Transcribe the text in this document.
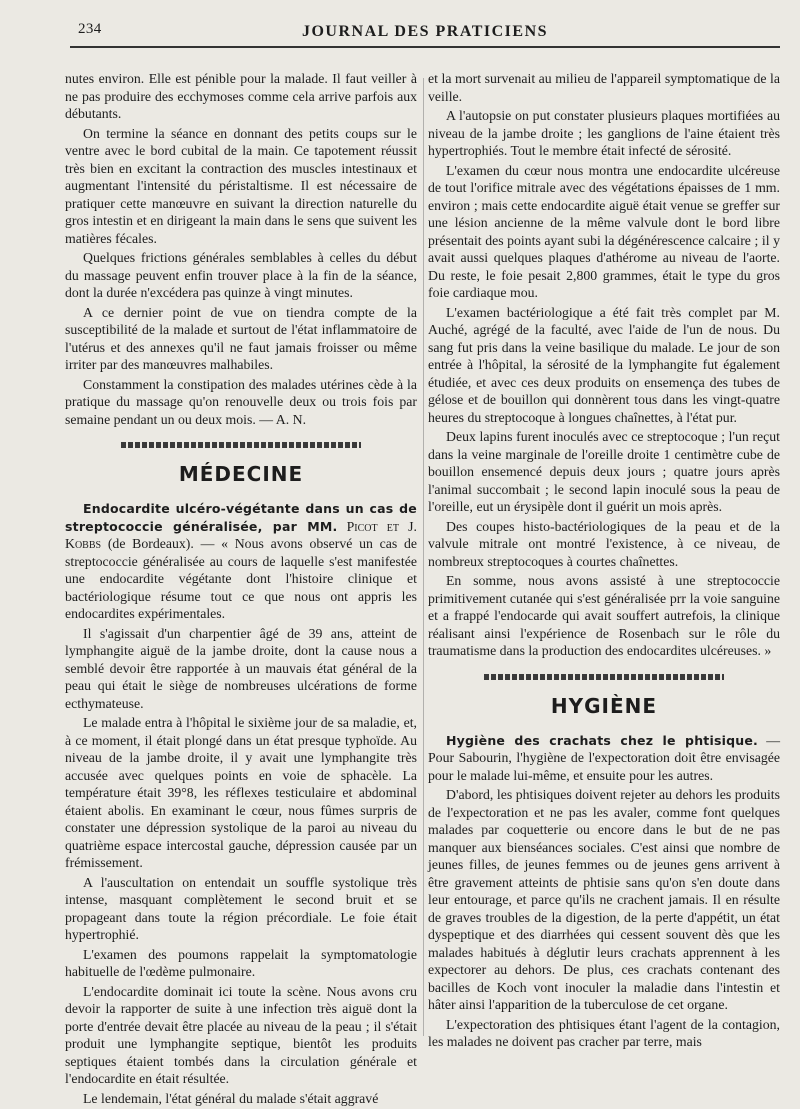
234	JOURNAL DES PRATICIENS

nutes environ. Elle est pénible pour la malade. Il faut veiller à ne pas produire des ecchymoses comme cela arrive parfois aux débutants.

On termine la séance en donnant des petits coups sur le ventre avec le bord cubital de la main. Ce tapotement réussit très bien en excitant la contraction des muscles intestinaux et augmentant l'intensité du péristaltisme. Il est nécessaire de pratiquer cette manœuvre en suivant la direction naturelle du gros intestin et en dirigeant la main dans le sens que suivent les matières fécales.

Quelques frictions générales semblables à celles du début du massage peuvent enfin trouver place à la fin de la séance, dont la durée n'excédera pas quinze à vingt minutes.

A ce dernier point de vue on tiendra compte de la susceptibilité de la malade et surtout de l'état inflammatoire de l'utérus et des annexes qu'il ne faut jamais froisser ou même irriter par des manœuvres malhabiles.

Constamment la constipation des malades utérines cède à la pratique du massage qu'on renouvelle deux ou trois fois par semaine pendant un ou deux mois. — A. N.

MÉDECINE

Endocardite ulcéro-végétante dans un cas de streptococcie généralisée, par MM. Picot et J. Kobbs (de Bordeaux). — « Nous avons observé un cas de streptococcie généralisée au cours de laquelle s'est manifestée une endocardite végétante dont l'histoire clinique et bactériologique résume tout ce que nous ont appris les endocardites expérimentales.

Il s'agissait d'un charpentier âgé de 39 ans, atteint de lymphangite aiguë de la jambe droite, dont la cause nous a semblé devoir être rapportée à un mauvais état général de la peau qui était le siège de nombreuses ulcérations de forme ecthymateuse.

Le malade entra à l'hôpital le sixième jour de sa maladie, et, à ce moment, il était plongé dans un état presque typhoïde. Au niveau de la jambe droite, il y avait une lymphangite très accusée avec quelques points en voie de sphacèle. La température était 39°8, les réflexes testiculaire et abdominal étaient abolis. En examinant le cœur, nous fûmes surpris de constater une dépression systolique de la paroi au niveau du quatrième espace intercostal gauche, dépression causée par un frémissement.

A l'auscultation on entendait un souffle systolique très intense, masquant complètement le second bruit et se propageant dans toute la région précordiale. Le foie était hypertrophié.

L'examen des poumons rappelait la symptomatologie habituelle de l'œdème pulmonaire.

L'endocardite dominait ici toute la scène. Nous avons cru devoir la rapporter de suite à une infection très aiguë dont la porte d'entrée devait être placée au niveau de la peau ; il s'était produit une lymphangite septique, bientôt les produits septiques étaient tombés dans la circulation générale et l'endocardite en était résultée.

Le lendemain, l'état général du malade s'était aggravé

et la mort survenait au milieu de l'appareil symptomatique de la veille.

A l'autopsie on put constater plusieurs plaques mortifiées au niveau de la jambe droite ; les ganglions de l'aine étaient très hypertrophiés. Tout le membre était infecté de sérosité.

L'examen du cœur nous montra une endocardite ulcéreuse de tout l'orifice mitrale avec des végétations épaisses de 1 mm. environ ; mais cette endocardite aiguë était venue se greffer sur une lésion ancienne de la même valvule dont le bord libre présentait des points ayant subi la dégénérescence calcaire ; il y avait aussi quelques plaques d'athérome au niveau de l'aorte. Du reste, le foie pesait 2,800 grammes, était le type du gros foie cardiaque mou.

L'examen bactériologique a été fait très complet par M. Auché, agrégé de la faculté, avec l'aide de l'un de nous. Du sang fut pris dans la veine basilique du malade. Le jour de son entrée à l'hôpital, la sérosité de la lymphangite fut également étudiée, et avec ces deux produits on ensemença des tubes de gélose et de bouillon qui donnèrent tous dans les vingt-quatre heures du streptocoque à longues chaînettes, à l'état pur.

Deux lapins furent inoculés avec ce streptocoque ; l'un reçut dans la veine marginale de l'oreille droite 1 centimètre cube de bouillon ensemencé depuis deux jours ; quatre jours après l'animal succombait ; le second lapin inoculé sous la peau de l'oreille, eut un érysipèle dont il guérit un mois après.

Des coupes histo-bactériologiques de la peau et de la valvule mitrale ont montré l'existence, à ce niveau, de nombreux streptocoques à courtes chaînettes.

En somme, nous avons assisté à une streptococcie primitivement cutanée qui s'est généralisée prr la voie sanguine et a frappé l'endocarde qui avait souffert autrefois, la clinique réalisant ainsi l'expérience de Rosenbach sur le rôle du traumatisme dans la production des endocardites ulcéreuses. »

HYGIÈNE

Hygiène des crachats chez le phtisique. — Pour Sabourin, l'hygiène de l'expectoration doit être envisagée pour le malade lui-même, et ensuite pour les autres.

D'abord, les phtisiques doivent rejeter au dehors les produits de l'expectoration et ne pas les avaler, comme font quelques malades par coquetterie ou encore dans le but de ne pas manquer aux bienséances sociales. C'est ainsi que nombre de jeunes filles, de jeunes femmes ou de jeunes gens arrivent à être gravement atteints de phtisie sans qu'on s'en doute dans leur entourage, et parce qu'ils ne crachent jamais. Il en résulte de graves troubles de la digestion, de la perte d'appétit, un état dyspeptique et des diarrhées qui cessent souvent dès que les malades habitués à déglutir leurs crachats apprennent à les expectorer au dehors. De plus, ces crachats contenant des bacilles de Koch vont inoculer la maladie dans l'intestin et hâter ainsi l'apparition de la tuberculose de cet organe.

L'expectoration des phtisiques étant l'agent de la contagion, les malades ne doivent pas cracher par terre, mais
